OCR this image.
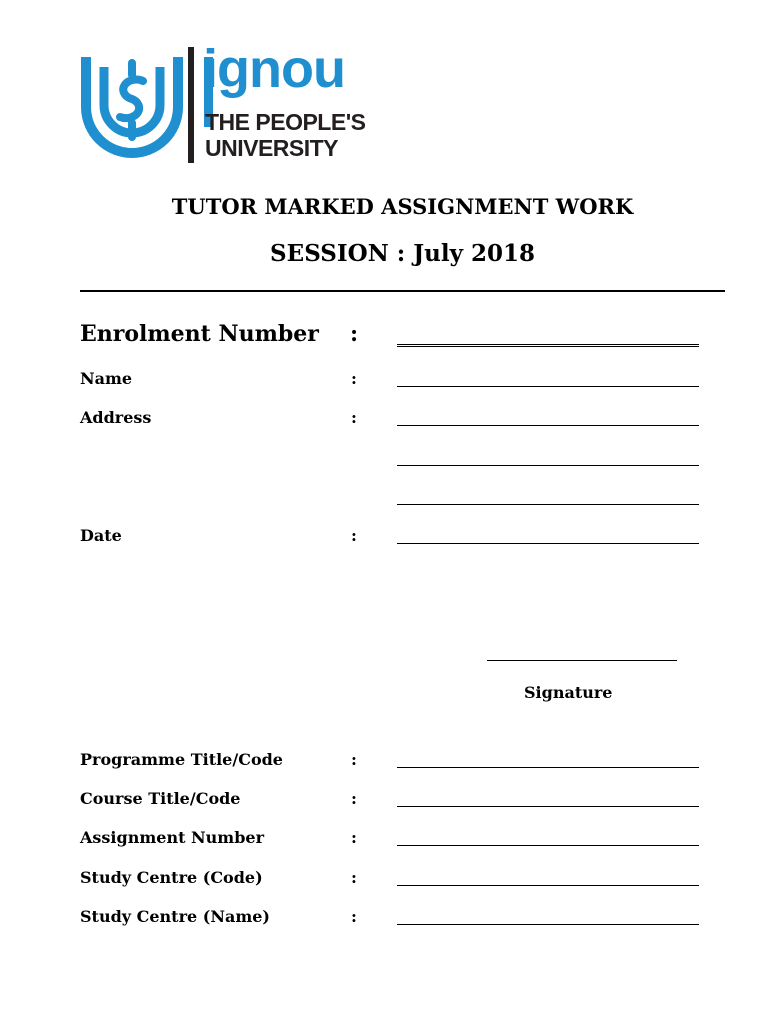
ignou
THE PEOPLE'S
UNIVERSITY
TUTOR MARKED ASSIGNMENT WORK
SESSION : July 2018
Enrolment Number :
Name	:
Address	:
Date	:
Signature
Programme Title/Code	:
Course Title/Code	:
Assignment Number	:
Study Centre (Code)	:
Study Centre (Name)	:
